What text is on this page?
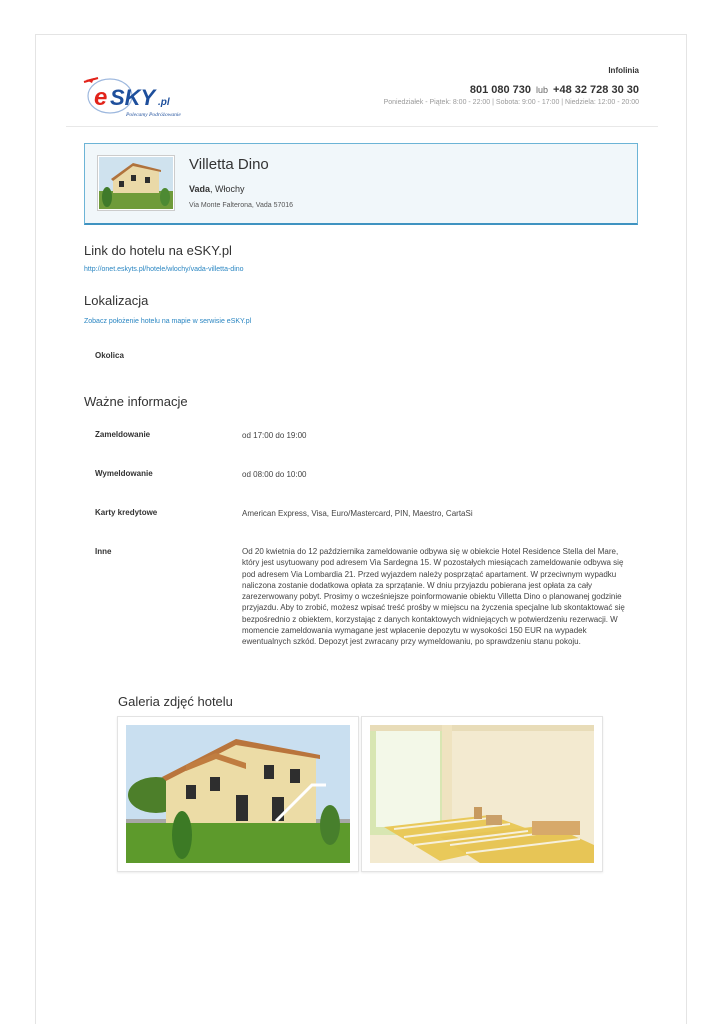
e SKY .pl
Polecamy Podróżowanie
Infolinia
801 080 730 lub +48 32 728 30 30
Poniedziałek - Piątek: 8:00 - 22:00 | Sobota: 9:00 - 17:00 | Niedziela: 12:00 - 20:00
Villetta Dino
Vada, Włochy
Via Monte Falterona, Vada 57016
Link do hotelu na eSKY.pl
http://onet.eskyts.pl/hotele/wlochy/vada-villetta-dino
Lokalizacja
Zobacz położenie hotelu na mapie w serwisie eSKY.pl
Okolica
Ważne informacje
Zameldowanie	od 17:00 do 19:00
Wymeldowanie	od 08:00 do 10:00
Karty kredytowe	American Express, Visa, Euro/Mastercard, PIN, Maestro, CartaSi
Inne	Od 20 kwietnia do 12 października zameldowanie odbywa się w obiekcie Hotel Residence Stella del Mare, który jest usytuowany pod adresem Via Sardegna 15. W pozostałych miesiącach zameldowanie odbywa się pod adresem Via Lombardia 21. Przed wyjazdem należy posprzątać apartament. W przeciwnym wypadku naliczona zostanie dodatkowa opłata za sprzątanie. W dniu przyjazdu pobierana jest opłata za cały zarezerwowany pobyt. Prosimy o wcześniejsze poinformowanie obiektu Villetta Dino o planowanej godzinie przyjazdu. Aby to zrobić, możesz wpisać treść prośby w miejscu na życzenia specjalne lub skontaktować się bezpośrednio z obiektem, korzystając z danych kontaktowych widniejących w potwierdzeniu rezerwacji. W momencie zameldowania wymagane jest wpłacenie depozytu w wysokości 150 EUR na wypadek ewentualnych szkód. Depozyt jest zwracany przy wymeldowaniu, po sprawdzeniu stanu pokoju.
Galeria zdjęć hotelu
